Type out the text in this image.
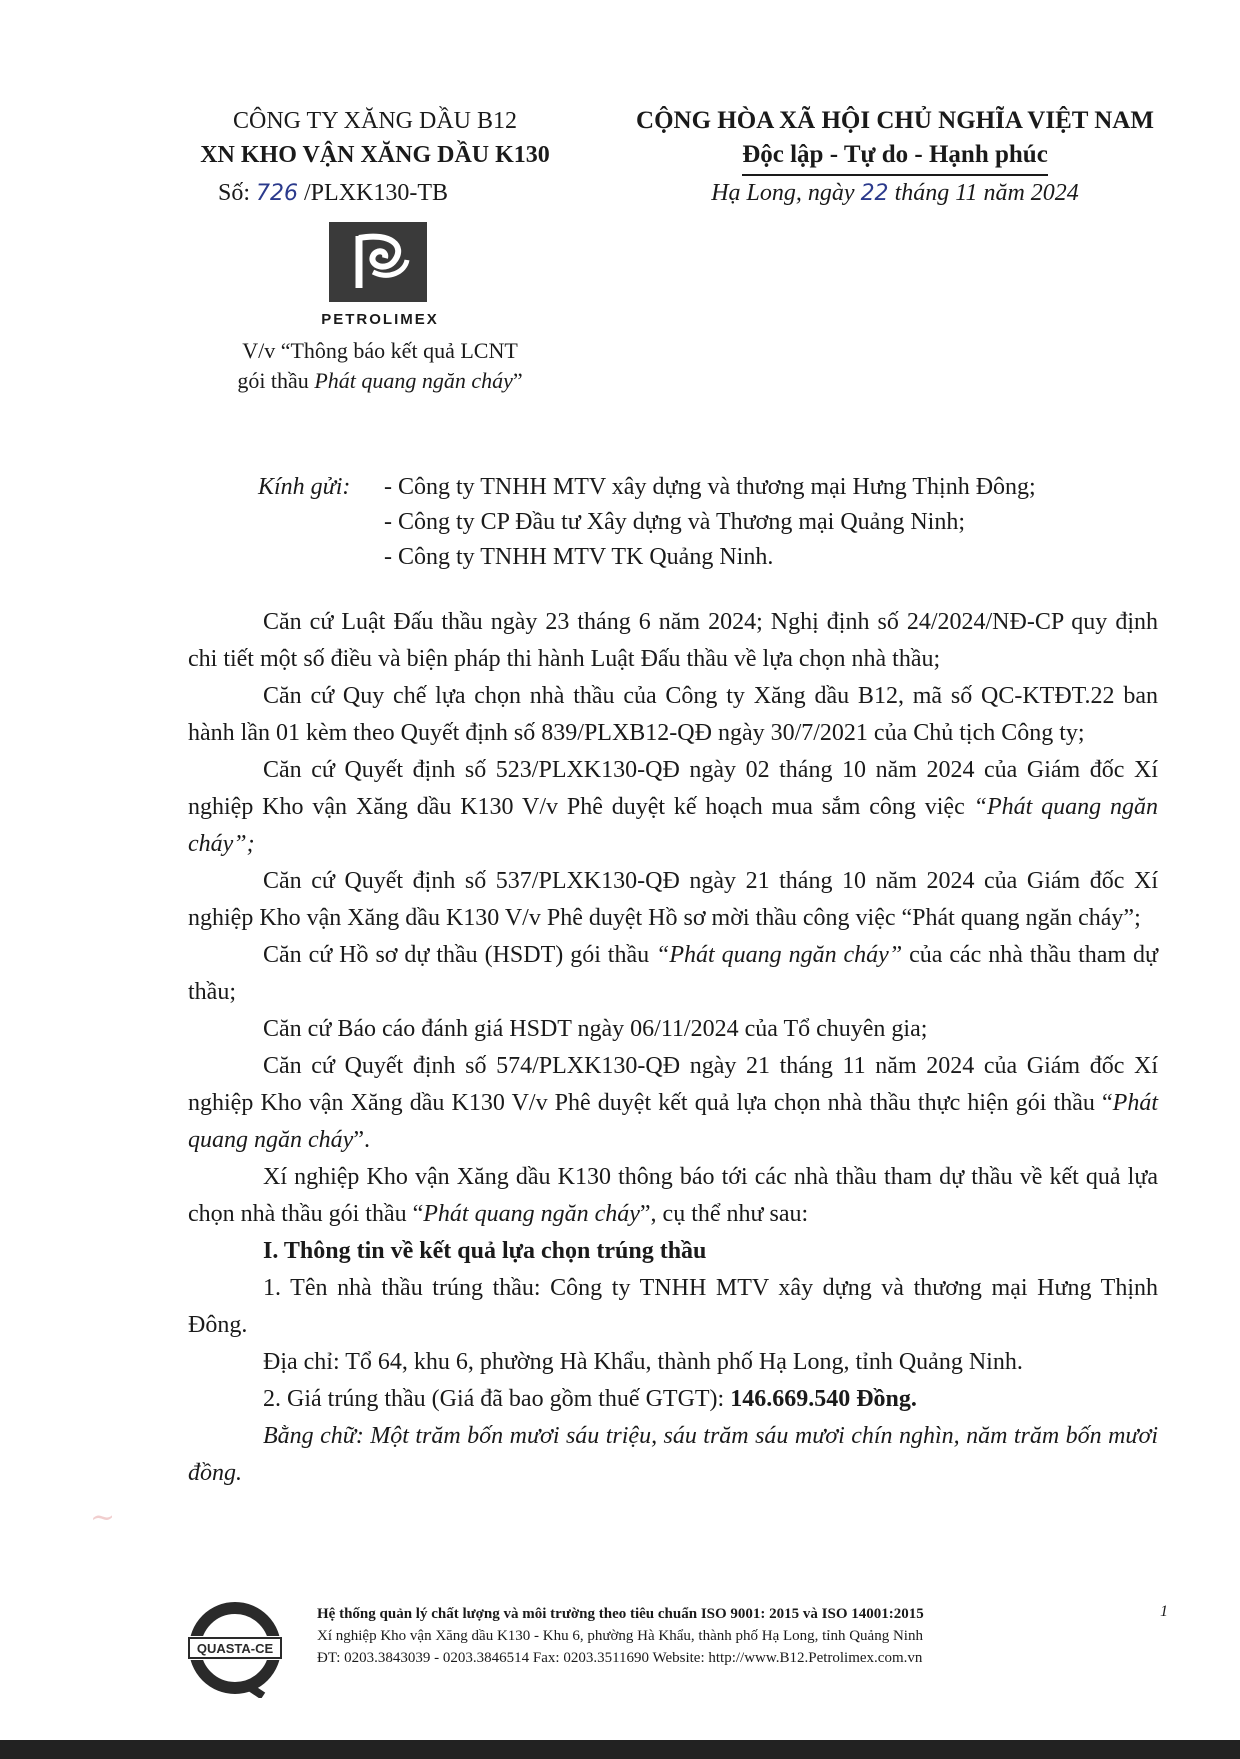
CÔNG TY XĂNG DẦU B12
XN KHO VẬN XĂNG DẦU K130
Số: 726 /PLXK130-TB
PETROLIMEX
V/v “Thông báo kết quả LCNT
gói thầu Phát quang ngăn cháy”
CỘNG HÒA XÃ HỘI CHỦ NGHĨA VIỆT NAM
Độc lập - Tự do - Hạnh phúc
Hạ Long, ngày 22 tháng 11 năm 2024
Kính gửi: - Công ty TNHH MTV xây dựng và thương mại Hưng Thịnh Đông;
- Công ty CP Đầu tư Xây dựng và Thương mại Quảng Ninh;
- Công ty TNHH MTV TK Quảng Ninh.

Căn cứ Luật Đấu thầu ngày 23 tháng 6 năm 2024; Nghị định số 24/2024/NĐ-CP quy định chi tiết một số điều và biện pháp thi hành Luật Đấu thầu về lựa chọn nhà thầu;

Căn cứ Quy chế lựa chọn nhà thầu của Công ty Xăng dầu B12, mã số QC-KTĐT.22 ban hành lần 01 kèm theo Quyết định số 839/PLXB12-QĐ ngày 30/7/2021 của Chủ tịch Công ty;

Căn cứ Quyết định số 523/PLXK130-QĐ ngày 02 tháng 10 năm 2024 của Giám đốc Xí nghiệp Kho vận Xăng dầu K130 V/v Phê duyệt kế hoạch mua sắm công việc “Phát quang ngăn cháy”;

Căn cứ Quyết định số 537/PLXK130-QĐ ngày 21 tháng 10 năm 2024 của Giám đốc Xí nghiệp Kho vận Xăng dầu K130 V/v Phê duyệt Hồ sơ mời thầu công việc “Phát quang ngăn cháy”;

Căn cứ Hồ sơ dự thầu (HSDT) gói thầu “Phát quang ngăn cháy” của các nhà thầu tham dự thầu;

Căn cứ Báo cáo đánh giá HSDT ngày 06/11/2024 của Tổ chuyên gia;

Căn cứ Quyết định số 574/PLXK130-QĐ ngày 21 tháng 11 năm 2024 của Giám đốc Xí nghiệp Kho vận Xăng dầu K130 V/v Phê duyệt kết quả lựa chọn nhà thầu thực hiện gói thầu “Phát quang ngăn cháy”.

Xí nghiệp Kho vận Xăng dầu K130 thông báo tới các nhà thầu tham dự thầu về kết quả lựa chọn nhà thầu gói thầu “Phát quang ngăn cháy”, cụ thể như sau:

I. Thông tin về kết quả lựa chọn trúng thầu

1. Tên nhà thầu trúng thầu: Công ty TNHH MTV xây dựng và thương mại Hưng Thịnh Đông.

Địa chỉ: Tổ 64, khu 6, phường Hà Khẩu, thành phố Hạ Long, tỉnh Quảng Ninh.

2. Giá trúng thầu (Giá đã bao gồm thuế GTGT): 146.669.540 Đồng.

Bằng chữ: Một trăm bốn mươi sáu triệu, sáu trăm sáu mươi chín nghìn, năm trăm bốn mươi đồng.

~
QUASTA-CE
Hệ thống quản lý chất lượng và môi trường theo tiêu chuẩn ISO 9001: 2015 và ISO 14001:2015
Xí nghiệp Kho vận Xăng dầu K130 - Khu 6, phường Hà Khẩu, thành phố Hạ Long, tỉnh Quảng Ninh
ĐT: 0203.3843039 - 0203.3846514 Fax: 0203.3511690 Website: http://www.B12.Petrolimex.com.vn
1
